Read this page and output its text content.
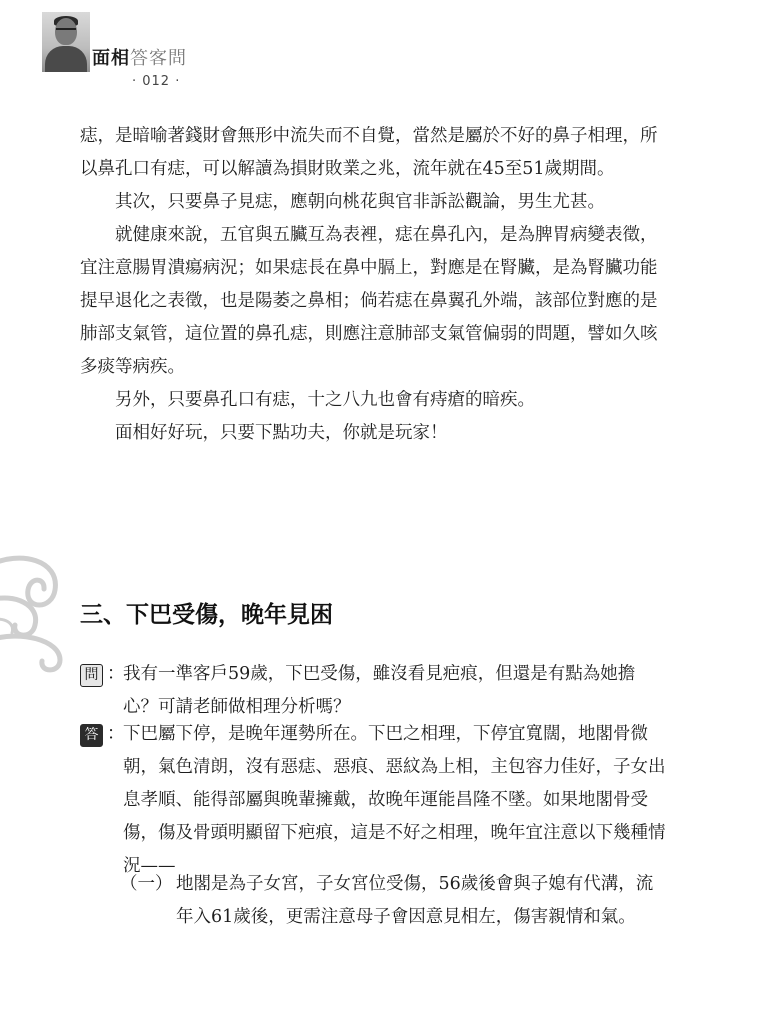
面相答客問
· 012 ·

痣，是暗喻著錢財會無形中流失而不自覺，當然是屬於不好的鼻子相理，所以鼻孔口有痣，可以解讀為損財敗業之兆，流年就在45至51歲期間。

其次，只要鼻子見痣，應朝向桃花與官非訴訟觀論，男生尤甚。

就健康來說，五官與五臟互為表裡，痣在鼻孔內，是為脾胃病變表徵，宜注意腸胃潰瘍病況；如果痣長在鼻中膈上，對應是在腎臟，是為腎臟功能提早退化之表徵，也是陽萎之鼻相；倘若痣在鼻翼孔外端，該部位對應的是肺部支氣管，這位置的鼻孔痣，則應注意肺部支氣管偏弱的問題，譬如久咳多痰等病疾。

另外，只要鼻孔口有痣，十之八九也會有痔瘡的暗疾。

面相好好玩，只要下點功夫，你就是玩家！

三、下巴受傷，晚年見困
問 ：
我有一準客戶59歲，下巴受傷，雖沒看見疤痕，但還是有點為她擔心？可請老師做相理分析嗎？
答 ：
下巴屬下停，是晚年運勢所在。下巴之相理，下停宜寬闊，地閣骨微朝，氣色清朗，沒有惡痣、惡痕、惡紋為上相，主包容力佳好，子女出息孝順、能得部屬與晚輩擁戴，故晚年運能昌隆不墜。如果地閣骨受傷，傷及骨頭明顯留下疤痕，這是不好之相理，晚年宜注意以下幾種情況——
（一） 地閣是為子女宮，子女宮位受傷，56歲後會與子媳有代溝，流年入61歲後，更需注意母子會因意見相左，傷害親情和氣。
